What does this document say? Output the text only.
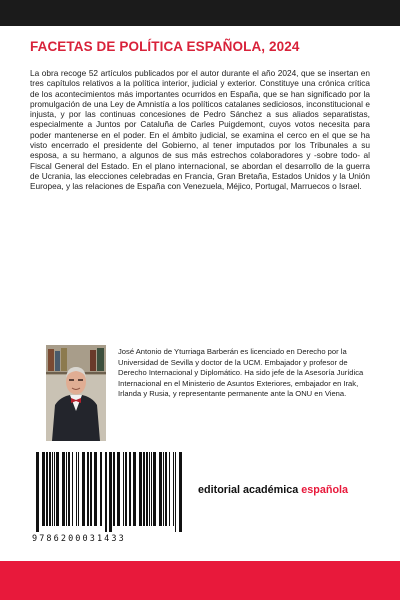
FACETAS DE POLÍTICA ESPAÑOLA, 2024

La obra recoge 52 artículos publicados por el autor durante el año 2024, que se insertan en tres capítulos relativos a la política interior, judicial y exterior. Constituye una crónica crítica de los acontecimientos más importantes ocurridos en España, que se han significado por la promulgación de una Ley de Amnistía a los políticos catalanes sediciosos, inconstitucional e injusta, y por las continuas concesiones de Pedro Sánchez a sus aliados separatistas, especialmente a Juntos por Cataluña de Carles Puigdemont, cuyos votos necesita para poder mantenerse en el poder. En el ámbito judicial, se examina el cerco en el que se ha visto encerrado el presidente del Gobierno, al tener imputados por los Tribunales a su esposa, a su hermano, a algunos de sus más estrechos colaboradores y -sobre todo- al Fiscal General del Estado. En el plano internacional, se abordan el desarrollo de la guerra de Ucrania, las elecciones celebradas en Francia, Gran Bretaña, Estados Unidos y la Unión Europea, y las relaciones de España con Venezuela, Méjico, Portugal, Marruecos o Israel.

José Antonio de Yturriaga Barberán es licenciado en Derecho por la Universidad de Sevilla y doctor de la UCM. Embajador y profesor de Derecho Internacional y Diplomático. Ha sido jefe de la Asesoría Jurídica Internacional en el Ministerio de Asuntos Exteriores, embajador en Irak, Irlanda y Rusia, y representante permanente ante la ONU en Viena.

9786200031433
editorial académica española
